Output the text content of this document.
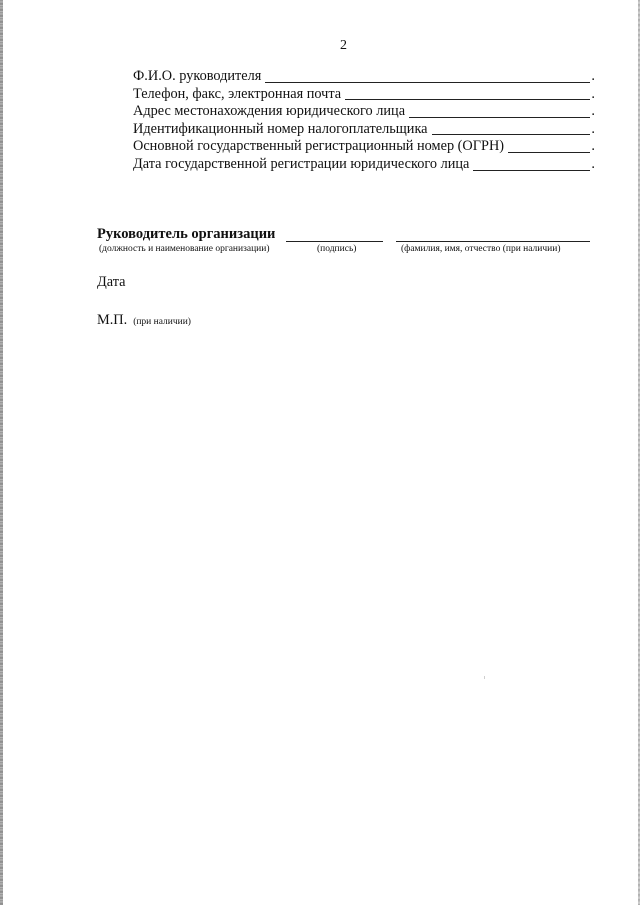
2
Ф.И.О. руководителя	.
Телефон, факс, электронная почта	.
Адрес местонахождения юридического лица	.
Идентификационный номер налогоплательщика	.
Основной государственный регистрационный номер (ОГРН)	.
Дата государственной регистрации юридического лица	.
Руководитель организации
(должность и наименование организации)	(подпись)	(фамилия, имя, отчество (при наличии)
Дата
М.П. (при наличии)
